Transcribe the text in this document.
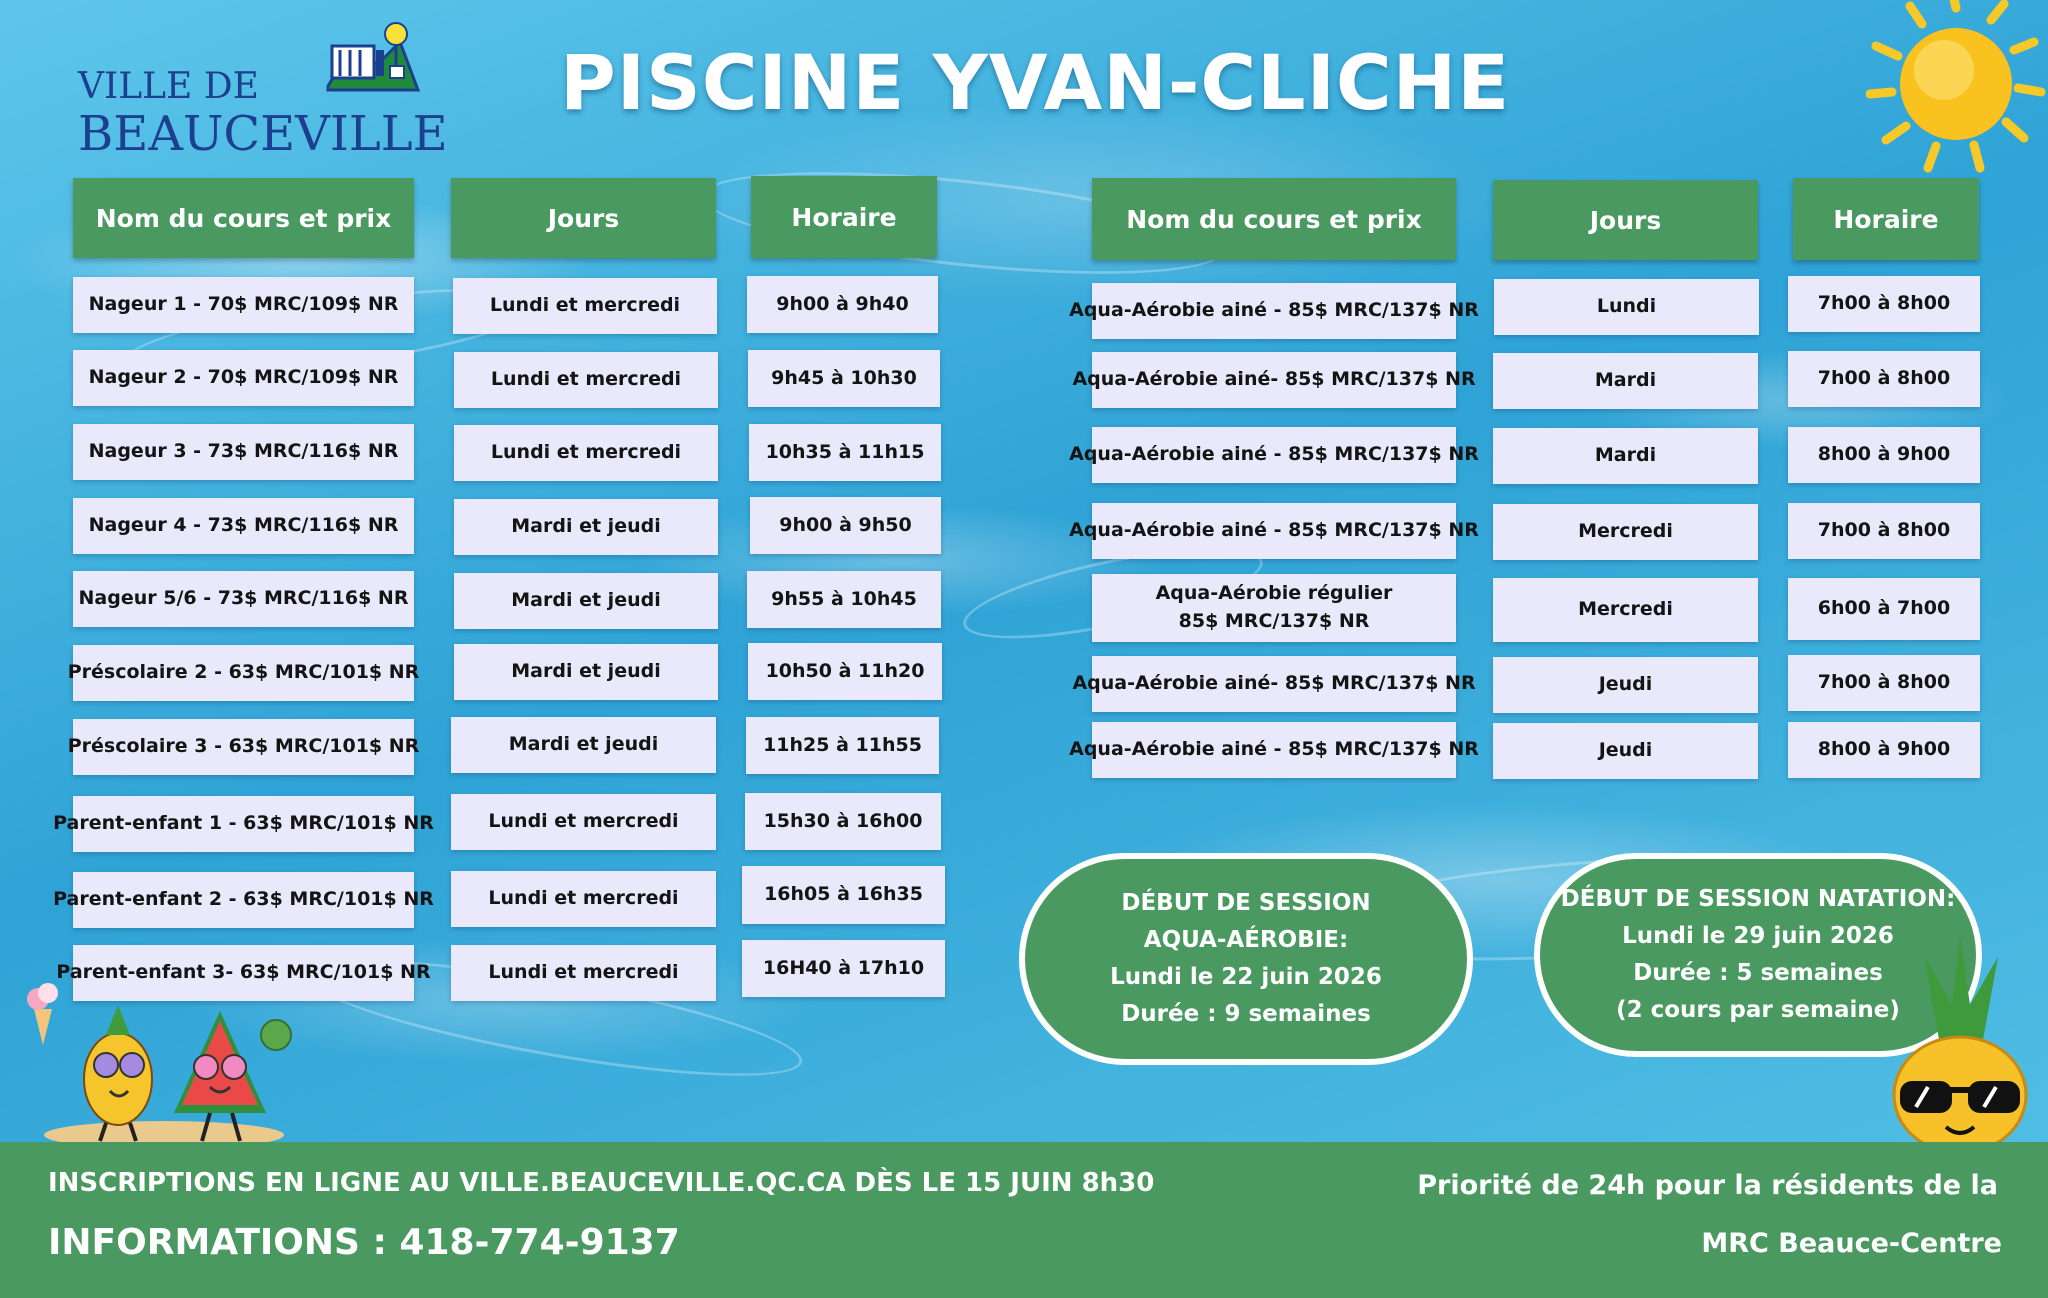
VILLE DE
BEAUCEVILLE
PISCINE YVAN-CLICHE
Nom du cours et prix	Jours	Horaire
Nageur 1 - 70$ MRC/109$ NR	Lundi et mercredi	9h00 à 9h40
Nageur 2 - 70$ MRC/109$ NR	Lundi et mercredi	9h45 à 10h30
Nageur 3 - 73$ MRC/116$ NR	Lundi et mercredi	10h35 à 11h15
Nageur 4 - 73$ MRC/116$ NR	Mardi et jeudi	9h00 à 9h50
Nageur 5/6 - 73$ MRC/116$ NR	Mardi et jeudi	9h55 à 10h45
Préscolaire 2 - 63$ MRC/101$ NR	Mardi et jeudi	10h50 à 11h20
Préscolaire 3 - 63$ MRC/101$ NR	Mardi et jeudi	11h25 à 11h55
Parent-enfant 1 - 63$ MRC/101$ NR	Lundi et mercredi	15h30 à 16h00
Parent-enfant 2 - 63$ MRC/101$ NR	Lundi et mercredi	16h05 à 16h35
Parent-enfant 3- 63$ MRC/101$ NR	Lundi et mercredi	16H40 à 17h10
Nom du cours et prix	Jours	Horaire
Aqua-Aérobie ainé - 85$ MRC/137$ NR	Lundi	7h00 à 8h00
Aqua-Aérobie ainé- 85$ MRC/137$ NR	Mardi	7h00 à 8h00
Aqua-Aérobie ainé - 85$ MRC/137$ NR	Mardi	8h00 à 9h00
Aqua-Aérobie ainé - 85$ MRC/137$ NR	Mercredi	7h00 à 8h00
Aqua-Aérobie régulier
85$ MRC/137$ NR
Mercredi	6h00 à 7h00
Aqua-Aérobie ainé- 85$ MRC/137$ NR	Jeudi	7h00 à 8h00
Aqua-Aérobie ainé - 85$ MRC/137$ NR	Jeudi	8h00 à 9h00
DÉBUT DE SESSION
AQUA-AÉROBIE:
Lundi le 22 juin 2026
Durée : 9 semaines
DÉBUT DE SESSION NATATION:
Lundi le 29 juin 2026
Durée : 5 semaines
(2 cours par semaine)
INSCRIPTIONS EN LIGNE AU VILLE.BEAUCEVILLE.QC.CA DÈS LE 15 JUIN 8h30
INFORMATIONS : 418-774-9137
Priorité de 24h pour la résidents de la
MRC Beauce-Centre
